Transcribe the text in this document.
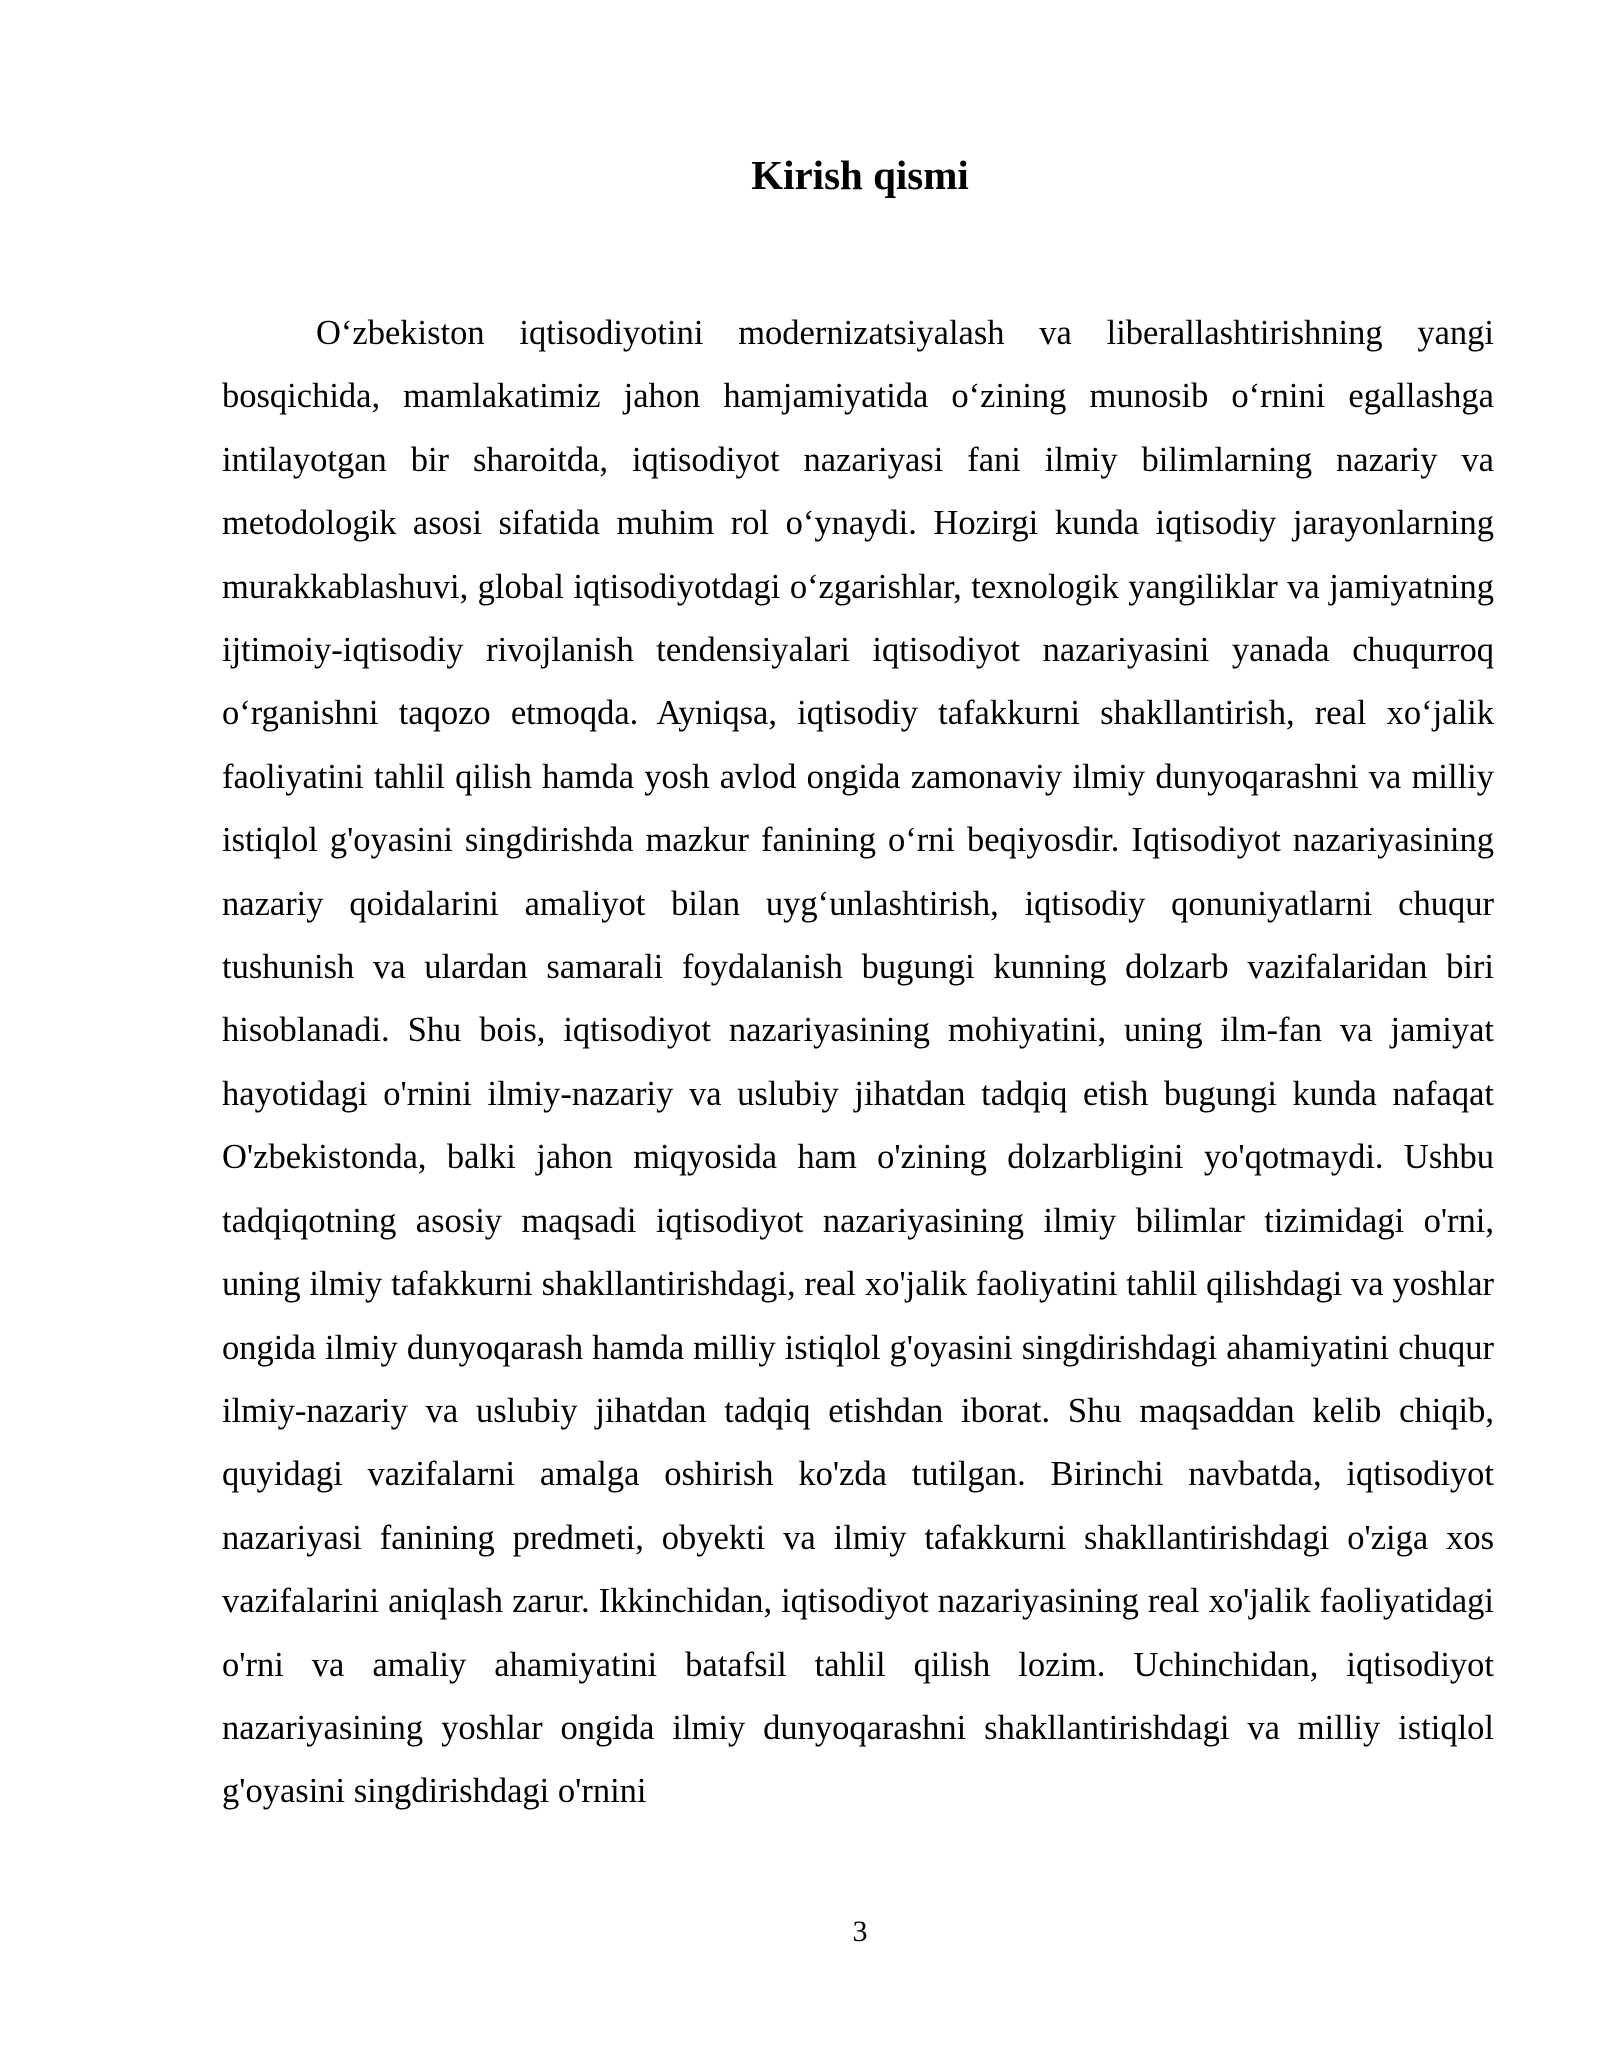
Kirish qismi

O‘zbekiston iqtisodiyotini modernizatsiyalash va liberallashtirishning yangi bosqichida, mamlakatimiz jahon hamjamiyatida o‘zining munosib o‘rnini egallashga intilayotgan bir sharoitda, iqtisodiyot nazariyasi fani ilmiy bilimlarning nazariy va metodologik asosi sifatida muhim rol o‘ynaydi. Hozirgi kunda iqtisodiy jarayonlarning murakkablashuvi, global iqtisodiyotdagi o‘zgarishlar, texnologik yangiliklar va jamiyatning ijtimoiy-iqtisodiy rivojlanish tendensiyalari iqtisodiyot nazariyasini yanada chuqurroq o‘rganishni taqozo etmoqda. Ayniqsa, iqtisodiy tafakkurni shakllantirish, real xo‘jalik faoliyatini tahlil qilish hamda yosh avlod ongida zamonaviy ilmiy dunyoqarashni va milliy istiqlol g'oyasini singdirishda mazkur fanining o‘rni beqiyosdir. Iqtisodiyot nazariyasining nazariy qoidalarini amaliyot bilan uyg‘unlashtirish, iqtisodiy qonuniyatlarni chuqur tushunish va ulardan samarali foydalanish bugungi kunning dolzarb vazifalaridan biri hisoblanadi. Shu bois, iqtisodiyot nazariyasining mohiyatini, uning ilm-fan va jamiyat hayotidagi o'rnini ilmiy-nazariy va uslubiy jihatdan tadqiq etish bugungi kunda nafaqat O'zbekistonda, balki jahon miqyosida ham o'zining dolzarbligini yo'qotmaydi. Ushbu tadqiqotning asosiy maqsadi iqtisodiyot nazariyasining ilmiy bilimlar tizimidagi o'rni, uning ilmiy tafakkurni shakllantirishdagi, real xo'jalik faoliyatini tahlil qilishdagi va yoshlar ongida ilmiy dunyoqarash hamda milliy istiqlol g'oyasini singdirishdagi ahamiyatini chuqur ilmiy-nazariy va uslubiy jihatdan tadqiq etishdan iborat. Shu maqsaddan kelib chiqib, quyidagi vazifalarni amalga oshirish ko'zda tutilgan. Birinchi navbatda, iqtisodiyot nazariyasi fanining predmeti, obyekti va ilmiy tafakkurni shakllantirishdagi o'ziga xos vazifalarini aniqlash zarur. Ikkinchidan, iqtisodiyot nazariyasining real xo'jalik faoliyatidagi o'rni va amaliy ahamiyatini batafsil tahlil qilish lozim. Uchinchidan, iqtisodiyot nazariyasining yoshlar ongida ilmiy dunyoqarashni shakllantirishdagi va milliy istiqlol g'oyasini singdirishdagi o'rnini

3
